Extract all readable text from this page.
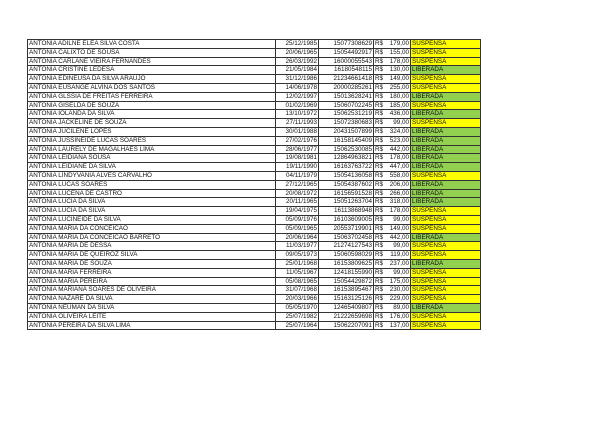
ANTONIA ADILNE ELEA SILVA COSTA	25/12/1985	15077308629	R$ 179,00	SUSPENSA
ANTONIA CALIXTO DE SOUSA	20/06/1965	15054492917	R$ 155,00	SUSPENSA
ANTONIA CARLANE VIEIRA FERNANDES	26/03/1992	16000055543	R$ 178,00	SUSPENSA
ANTONIA CRISTINE LEDESA	21/05/1984	16180548115	R$ 130,00	LIBERADA
ANTONIA EDINEUSA DA SILVA ARAUJO	31/12/1986	21234661418	R$ 149,00	SUSPENSA
ANTONIA EUSANGE ALVINA DOS SANTOS	14/06/1978	20000285261	R$ 255,00	SUSPENSA
ANTONIA GLSSIA DE FREITAS FERREIRA	12/02/1997	15013628241	R$ 180,00	LIBERADA
ANTONIA GISELDA DE SOUZA	01/02/1969	15060702245	R$ 185,00	SUSPENSA
ANTONIA IOLANDA DA SILVA	13/10/1972	15062531219	R$ 436,00	LIBERADA
ANTONIA JACKELINE DE SOUZA	27/11/1993	15072380683	R$ 99,00	SUSPENSA
ANTONIA JUCILENE LOPES	30/01/1988	20431507899	R$ 324,00	LIBERADA
ANTONIA JUSSINEIDE LUCAS SOARES	27/02/1976	16158145409	R$ 523,00	LIBERADA
ANTONIA LAURELY DE MAGALHAES LIMA	28/06/1977	15062530085	R$ 442,00	LIBERADA
ANTONIA LEIDIANA SOUSA	19/08/1981	12864963821	R$ 178,00	LIBERADA
ANTONIA LEIDIANE DA SILVA	19/11/1990	16163763722	R$ 447,00	LIBERADA
ANTONIA LINDYVANIA ALVES CARVALHO	04/11/1979	15054136058	R$ 558,00	SUSPENSA
ANTONIA LUCAS SOARES	27/12/1965	15054387602	R$ 206,00	LIBERADA
ANTONIA LUCENA DE CASTRO	20/08/1972	16156591528	R$ 266,00	LIBERADA
ANTONIA LUCIA DA SILVA	20/11/1965	15051263704	R$ 318,00	LIBERADA
ANTONIA LUCIA DA SILVA	19/04/1975	16113868948	R$ 178,00	SUSPENSA
ANTONIA LUCINEIDE DA SILVA	05/09/1976	16103609005	R$ 99,00	SUSPENSA
ANTONIA MARIA DA CONCEICAO	05/09/1965	20553719901	R$ 149,00	SUSPENSA
ANTONIA MARIA DA CONCEICAO BARRETO	20/06/1964	15063702458	R$ 442,00	LIBERADA
ANTONIA MARIA DE DESSA	11/03/1977	21274127543	R$ 99,00	SUSPENSA
ANTONIA MARIA DE QUEIROZ SILVA	09/05/1973	15060598029	R$ 119,00	SUSPENSA
ANTONIA MARIA DE SOUZA	25/01/1968	16153809625	R$ 237,00	LIBERADA
ANTONIA MARIA FERREIRA	11/05/1967	12418155990	R$ 99,00	SUSPENSA
ANTONIA MARIA PEREIRA	05/08/1965	15054429872	R$ 175,00	SUSPENSA
ANTONIA MARIANA SOARES DE OLIVEIRA	31/07/1968	16153895467	R$ 230,00	SUSPENSA
ANTONIA NAZARE DA SILVA	20/03/1966	15163125126	R$ 229,00	SUSPENSA
ANTONIA NEUMAN DA SILVA	05/05/1970	12465409807	R$ 89,00	LIBERADA
ANTONIA OLIVEIRA LEITE	25/07/1982	21222659698	R$ 176,00	SUSPENSA
ANTONIA PEREIRA DA SILVA LIMA	25/07/1964	15062207091	R$ 137,00	SUSPENSA
